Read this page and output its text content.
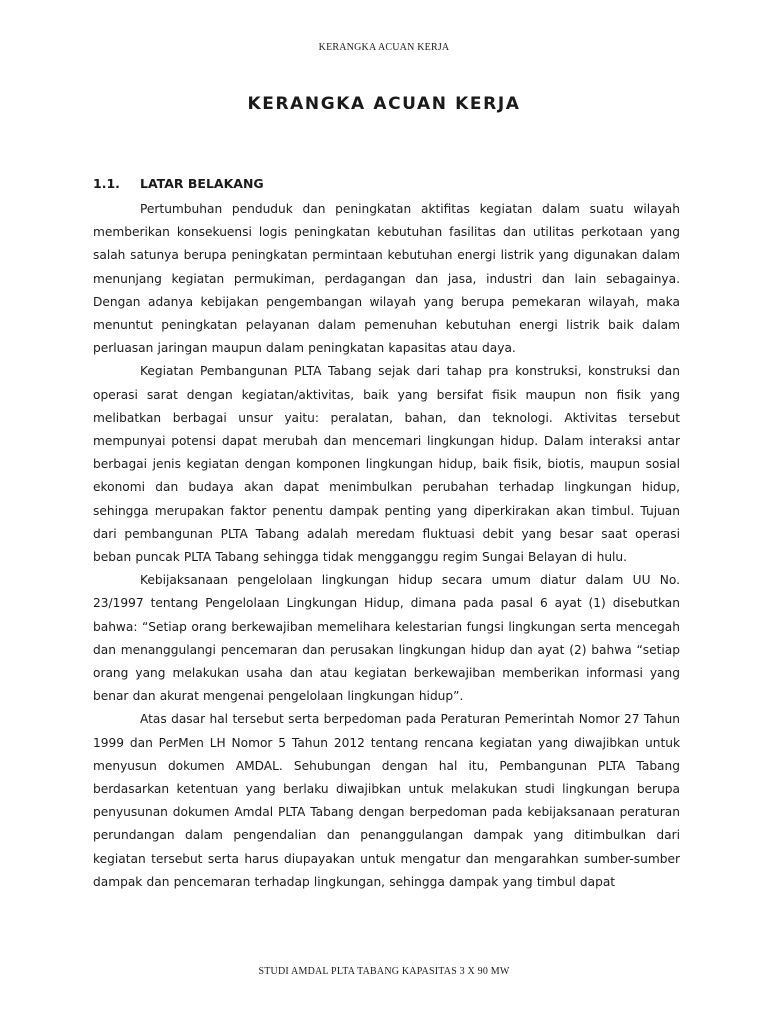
KERANGKA ACUAN KERJA
KERANGKA ACUAN KERJA
1.1. LATAR BELAKANG

Pertumbuhan penduduk dan peningkatan aktifitas kegiatan dalam suatu wilayah memberikan konsekuensi logis peningkatan kebutuhan fasilitas dan utilitas perkotaan yang salah satunya berupa peningkatan permintaan kebutuhan energi listrik yang digunakan dalam menunjang kegiatan permukiman, perdagangan dan jasa, industri dan lain sebagainya. Dengan adanya kebijakan pengembangan wilayah yang berupa pemekaran wilayah, maka menuntut peningkatan pelayanan dalam pemenuhan kebutuhan energi listrik baik dalam perluasan jaringan maupun dalam peningkatan kapasitas atau daya.

Kegiatan Pembangunan PLTA Tabang sejak dari tahap pra konstruksi, konstruksi dan operasi sarat dengan kegiatan/aktivitas, baik yang bersifat fisik maupun non fisik yang melibatkan berbagai unsur yaitu: peralatan, bahan, dan teknologi. Aktivitas tersebut mempunyai potensi dapat merubah dan mencemari lingkungan hidup. Dalam interaksi antar berbagai jenis kegiatan dengan komponen lingkungan hidup, baik fisik, biotis, maupun sosial ekonomi dan budaya akan dapat menimbulkan perubahan terhadap lingkungan hidup, sehingga merupakan faktor penentu dampak penting yang diperkirakan akan timbul. Tujuan dari pembangunan PLTA Tabang adalah meredam fluktuasi debit yang besar saat operasi beban puncak PLTA Tabang sehingga tidak mengganggu regim Sungai Belayan di hulu.

Kebijaksanaan pengelolaan lingkungan hidup secara umum diatur dalam UU No. 23/1997 tentang Pengelolaan Lingkungan Hidup, dimana pada pasal 6 ayat (1) disebutkan bahwa: “Setiap orang berkewajiban memelihara kelestarian fungsi lingkungan serta mencegah dan menanggulangi pencemaran dan perusakan lingkungan hidup dan ayat (2) bahwa “setiap orang yang melakukan usaha dan atau kegiatan berkewajiban memberikan informasi yang benar dan akurat mengenai pengelolaan lingkungan hidup”.

Atas dasar hal tersebut serta berpedoman pada Peraturan Pemerintah Nomor 27 Tahun 1999 dan PerMen LH Nomor 5 Tahun 2012 tentang rencana kegiatan yang diwajibkan untuk menyusun dokumen AMDAL. Sehubungan dengan hal itu, Pembangunan PLTA Tabang berdasarkan ketentuan yang berlaku diwajibkan untuk melakukan studi lingkungan berupa penyusunan dokumen Amdal PLTA Tabang dengan berpedoman pada kebijaksanaan peraturan perundangan dalam pengendalian dan penanggulangan dampak yang ditimbulkan dari kegiatan tersebut serta harus diupayakan untuk mengatur dan mengarahkan sumber-sumber dampak dan pencemaran terhadap lingkungan, sehingga dampak yang timbul dapat

STUDI AMDAL PLTA TABANG KAPASITAS 3 X 90 MW
